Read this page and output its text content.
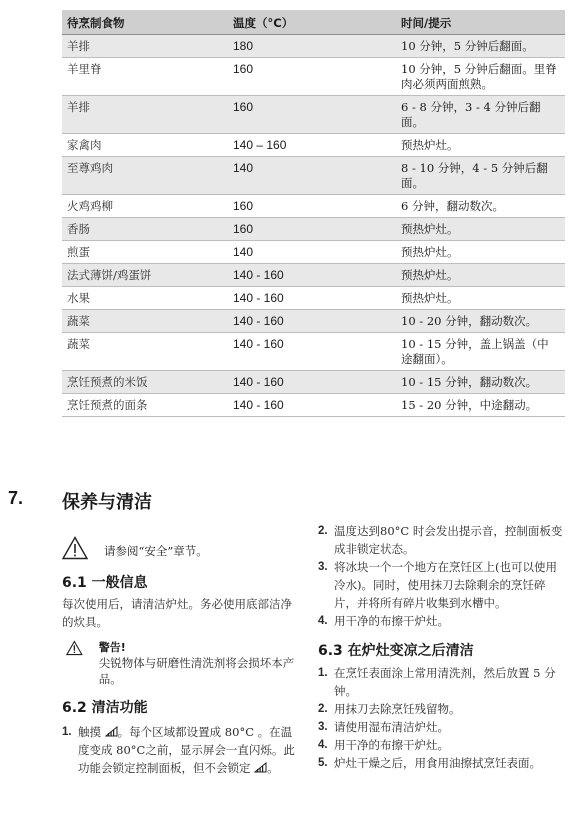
待烹制食物	温度（°C）	时间/提示
羊排	180	10 分钟，5 分钟后翻面。
羊里脊	160	10 分钟，5 分钟后翻面。里脊肉必须两面煎熟。
羊排	160	6 - 8 分钟，3 - 4 分钟后翻面。
家禽肉	140 – 160	预热炉灶。
至尊鸡肉	140	8 - 10 分钟，4 - 5 分钟后翻面。
火鸡鸡柳	160	6 分钟，翻动数次。
香肠	160	预热炉灶。
煎蛋	140	预热炉灶。
法式薄饼/鸡蛋饼	140 - 160	预热炉灶。
水果	140 - 160	预热炉灶。
蔬菜	140 - 160	10 - 20 分钟，翻动数次。
蔬菜	140 - 160	10 - 15 分钟，盖上锅盖（中途翻面）。
烹饪预煮的米饭	140 - 160	10 - 15 分钟，翻动数次。
烹饪预煮的面条	140 - 160	15 - 20 分钟，中途翻动。
7. 保养与清洁
请参阅“安全”章节。
6.1 一般信息
每次使用后，请清洁炉灶。务必使用底部洁净的炊具。
警告!
尖锐物体与研磨性清洗剂将会损坏本产品。
6.2 清洁功能
1. 触摸 。每个区域都设置成 80°C 。在温度变成 80°C之前，显示屏会一直闪烁。此功能会锁定控制面板，但不会锁定 。
2. 温度达到80°C 时会发出提示音，控制面板变成非锁定状态。
3. 将冰块一个一个地方在烹饪区上(也可以使用冷水)。同时，使用抹刀去除剩余的烹饪碎片，并将所有碎片收集到水槽中。
4. 用干净的布擦干炉灶。
6.3 在炉灶变凉之后清洁
1. 在烹饪表面涂上常用清洗剂，然后放置 5 分钟。
2. 用抹刀去除烹饪残留物。
3. 请使用湿布清洁炉灶。
4. 用干净的布擦干炉灶。
5. 炉灶干燥之后，用食用油擦拭烹饪表面。
